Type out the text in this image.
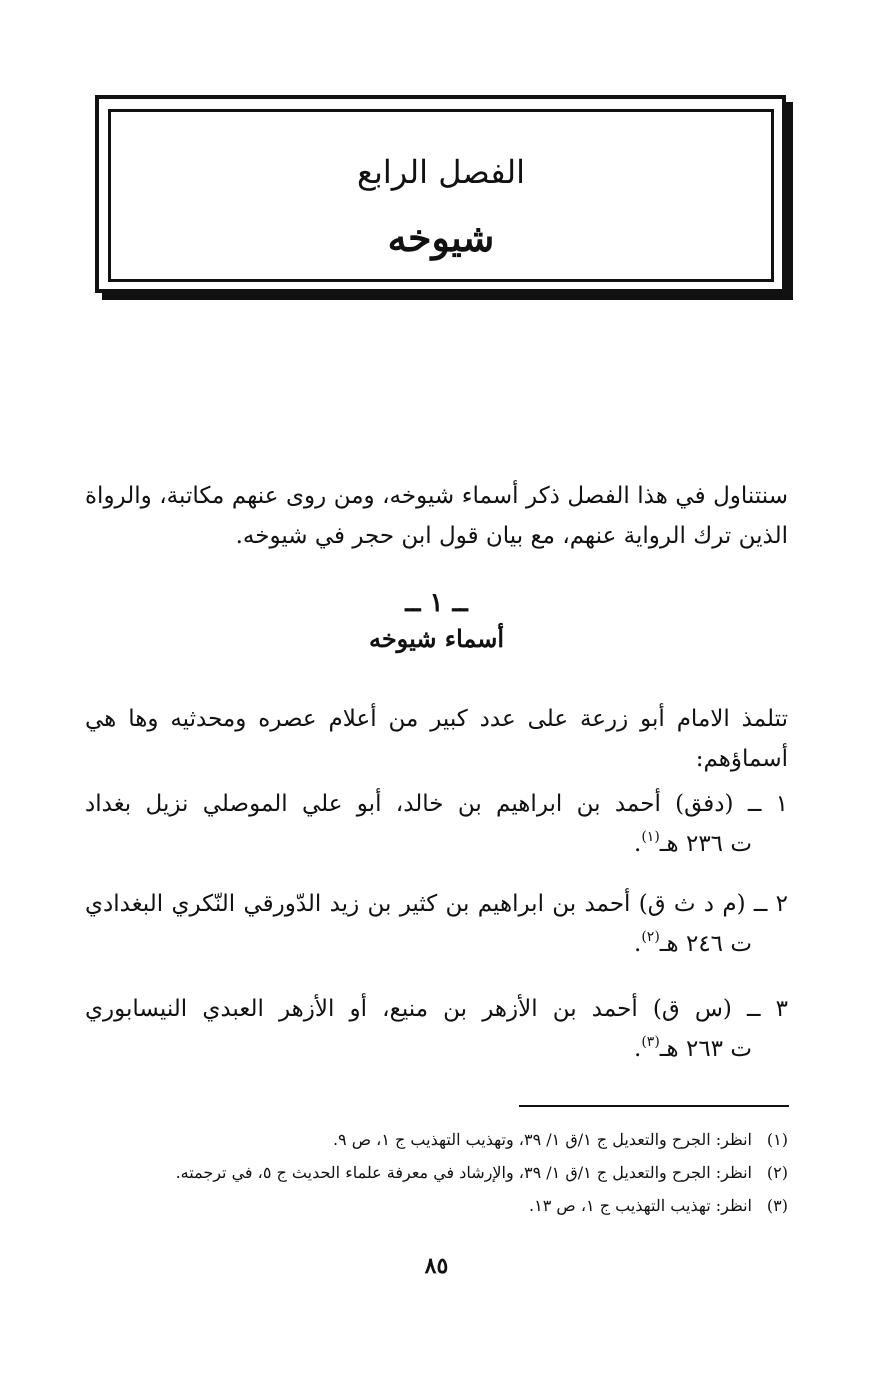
الفصل الرابع
شيوخه

سنتناول في هذا الفصل ذكر أسماء شيوخه، ومن روى عنهم مكاتبة، والرواة الذين ترك الرواية عنهم، مع بيان قول ابن حجر في شيوخه.

ــ ١ ــ
أسماء شيوخه

تتلمذ الامام أبو زرعة على عدد كبير من أعلام عصره ومحدثيه وها هي أسماؤهم:

١ ــ (دفق) أحمد بن ابراهيم بن خالد، أبو علي الموصلي نزيل بغداد
ت ٢٣٦ هـ$^{(١)}$.
٢ ــ (م د ث ق) أحمد بن ابراهيم بن كثير بن زيد الدّورقي النّكري البغدادي
ت ٢٤٦ هـ$^{(٢)}$.
٣ ــ (س ق) أحمد بن الأزهر بن منيع، أو الأزهر العبدي النيسابوري
ت ٢٦٣ هـ$^{(٣)}$.
(١)
انظر: الجرح والتعديل ج ١/ق ١/ ٣٩، وتهذيب التهذيب ج ١، ص ٩.
(٢)
انظر: الجرح والتعديل ج ١/ق ١/ ٣٩، والإرشاد في معرفة علماء الحديث ج ٥، في ترجمته.
(٣)
انظر: تهذيب التهذيب ج ١، ص ١٣.
٨٥
